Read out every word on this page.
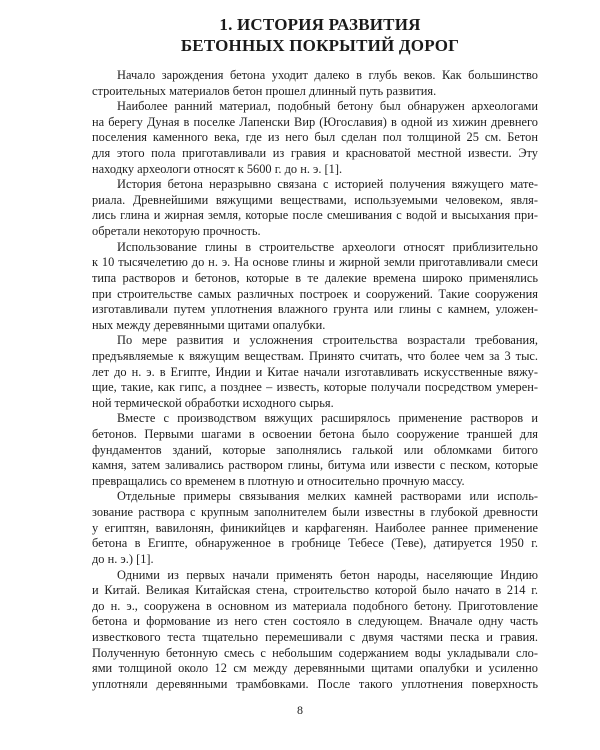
1. ИСТОРИЯ РАЗВИТИЯ
БЕТОННЫХ ПОКРЫТИЙ ДОРОГ
Начало зарождения бетона уходит далеко в глубь веков. Как большинство
строительных материалов бетон прошел длинный путь развития.
Наиболее ранний материал, подобный бетону был обнаружен археологами
на берегу Дуная в поселке Лапенски Вир (Югославия) в одной из хижин древнего
поселения каменного века, где из него был сделан пол толщиной 25 см. Бетон
для этого пола приготавливали из гравия и красноватой местной извести. Эту
находку археологи относят к 5600 г. до н. э. [1].
История бетона неразрывно связана с историей получения вяжущего мате-
риала. Древнейшими вяжущими веществами, используемыми человеком, явля-
лись глина и жирная земля, которые после смешивания с водой и высыхания при-
обретали некоторую прочность.
Использование глины в строительстве археологи относят приблизительно
к 10 тысячелетию до н. э. На основе глины и жирной земли приготавливали смеси
типа растворов и бетонов, которые в те далекие времена широко применялись
при строительстве самых различных построек и сооружений. Такие сооружения
изготавливали путем уплотнения влажного грунта или глины с камнем, уложен-
ных между деревянными щитами опалубки.
По мере развития и усложнения строительства возрастали требования,
предъявляемые к вяжущим веществам. Принято считать, что более чем за 3 тыс.
лет до н. э. в Египте, Индии и Китае начали изготавливать искусственные вяжу-
щие, такие, как гипс, а позднее – известь, которые получали посредством умерен-
ной термической обработки исходного сырья.
Вместе с производством вяжущих расширялось применение растворов и
бетонов. Первыми шагами в освоении бетона было сооружение траншей для
фундаментов зданий, которые заполнялись галькой или обломками битого
камня, затем заливались раствором глины, битума или извести с песком, которые
превращались со временем в плотную и относительно прочную массу.
Отдельные примеры связывания мелких камней растворами или исполь-
зование раствора с крупным заполнителем были известны в глубокой древности
у египтян, вавилонян, финикийцев и карфагенян. Наиболее раннее применение
бетона в Египте, обнаруженное в гробнице Тебесе (Теве), датируется 1950 г.
до н. э.) [1].
Одними из первых начали применять бетон народы, населяющие Индию
и Китай. Великая Китайская стена, строительство которой было начато в 214 г.
до н. э., сооружена в основном из материала подобного бетону. Приготовление
бетона и формование из него стен состояло в следующем. Вначале одну часть
известкового теста тщательно перемешивали с двумя частями песка и гравия.
Полученную бетонную смесь с небольшим содержанием воды укладывали сло-
ями толщиной около 12 см между деревянными щитами опалубки и усиленно
уплотняли деревянными трамбовками. После такого уплотнения поверхность
8
